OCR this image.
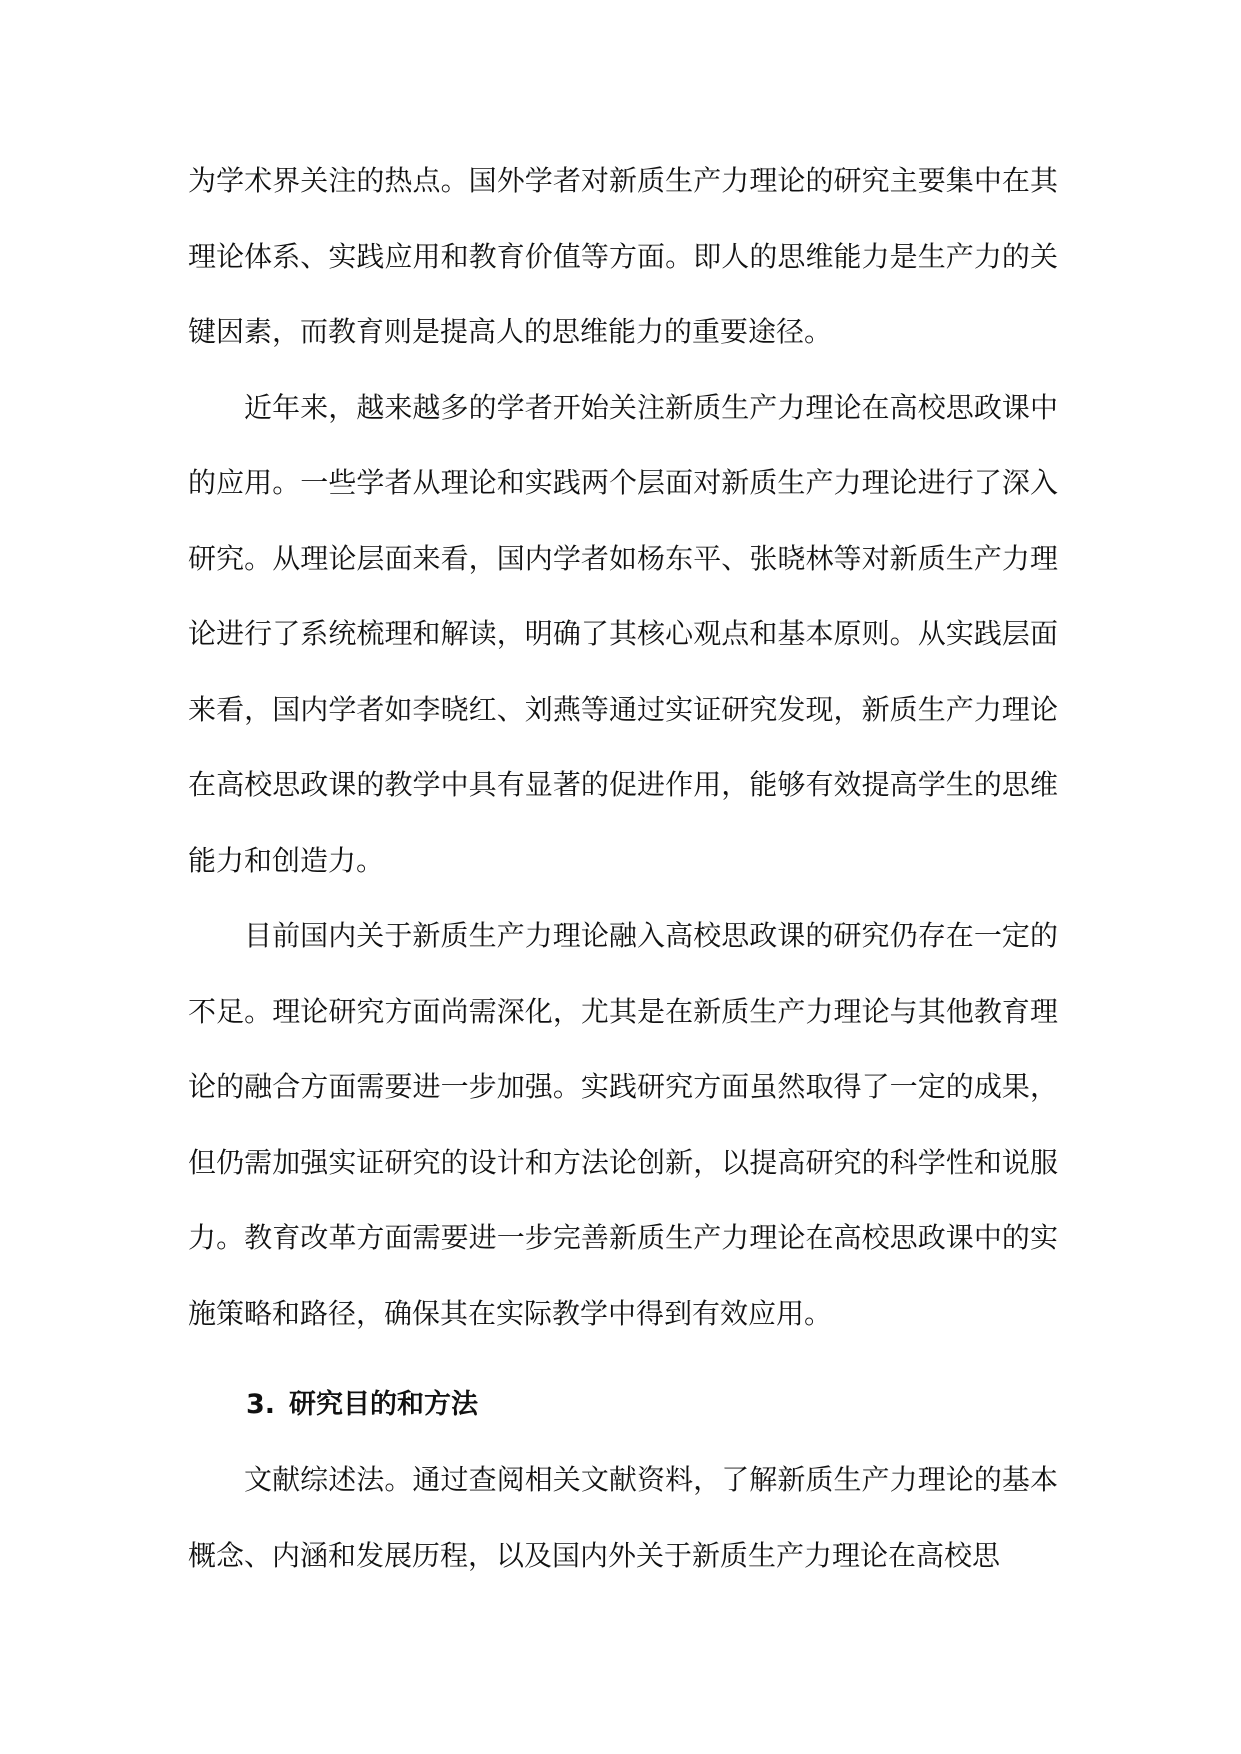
为学术界关注的热点。国外学者对新质生产力理论的研究主要集中在其理论体系、实践应用和教育价值等方面。即人的思维能力是生产力的关键因素，而教育则是提高人的思维能力的重要途径。

近年来，越来越多的学者开始关注新质生产力理论在高校思政课中的应用。一些学者从理论和实践两个层面对新质生产力理论进行了深入研究。从理论层面来看，国内学者如杨东平、张晓林等对新质生产力理论进行了系统梳理和解读，明确了其核心观点和基本原则。从实践层面来看，国内学者如李晓红、刘燕等通过实证研究发现，新质生产力理论在高校思政课的教学中具有显著的促进作用，能够有效提高学生的思维能力和创造力。

目前国内关于新质生产力理论融入高校思政课的研究仍存在一定的不足。理论研究方面尚需深化，尤其是在新质生产力理论与其他教育理论的融合方面需要进一步加强。实践研究方面虽然取得了一定的成果，但仍需加强实证研究的设计和方法论创新，以提高研究的科学性和说服力。教育改革方面需要进一步完善新质生产力理论在高校思政课中的实施策略和路径，确保其在实际教学中得到有效应用。

3. 研究目的和方法

文献综述法。通过查阅相关文献资料，了解新质生产力理论的基本概念、内涵和发展历程，以及国内外关于新质生产力理论在高校思
